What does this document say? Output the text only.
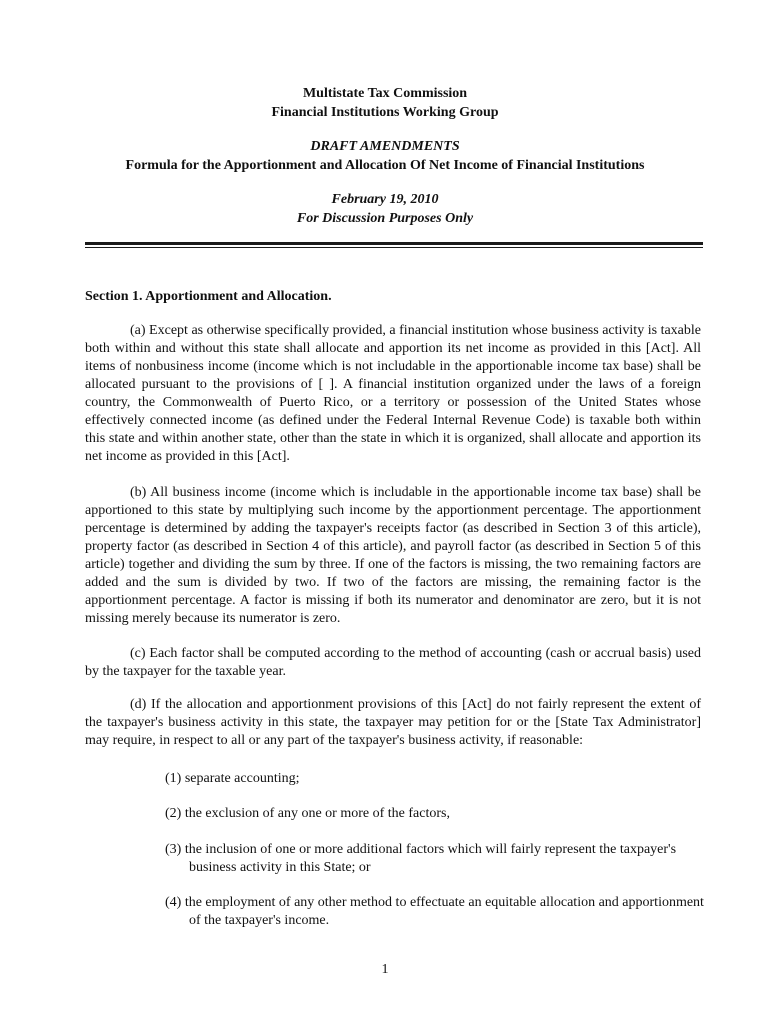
Multistate Tax Commission
Financial Institutions Working Group
DRAFT AMENDMENTS
Formula for the Apportionment and Allocation Of Net Income of Financial Institutions
February 19, 2010
For Discussion Purposes Only
Section 1. Apportionment and Allocation.

(a) Except as otherwise specifically provided, a financial institution whose business activity is taxable both within and without this state shall allocate and apportion its net income as provided in this [Act]. All items of nonbusiness income (income which is not includable in the apportionable income tax base) shall be allocated pursuant to the provisions of [ ]. A financial institution organized under the laws of a foreign country, the Commonwealth of Puerto Rico, or a territory or possession of the United States whose effectively connected income (as defined under the Federal Internal Revenue Code) is taxable both within this state and within another state, other than the state in which it is organized, shall allocate and apportion its net income as provided in this [Act].

(b) All business income (income which is includable in the apportionable income tax base) shall be apportioned to this state by multiplying such income by the apportionment percentage. The apportionment percentage is determined by adding the taxpayer's receipts factor (as described in Section 3 of this article), property factor (as described in Section 4 of this article), and payroll factor (as described in Section 5 of this article) together and dividing the sum by three. If one of the factors is missing, the two remaining factors are added and the sum is divided by two. If two of the factors are missing, the remaining factor is the apportionment percentage. A factor is missing if both its numerator and denominator are zero, but it is not missing merely because its numerator is zero.

(c) Each factor shall be computed according to the method of accounting (cash or accrual basis) used by the taxpayer for the taxable year.

(d) If the allocation and apportionment provisions of this [Act] do not fairly represent the extent of the taxpayer's business activity in this state, the taxpayer may petition for or the [State Tax Administrator] may require, in respect to all or any part of the taxpayer's business activity, if reasonable:

(1) separate accounting;

(2) the exclusion of any one or more of the factors,

(3) the inclusion of one or more additional factors which will fairly represent the taxpayer's business activity in this State; or

(4) the employment of any other method to effectuate an equitable allocation and apportionment of the taxpayer's income.

1
